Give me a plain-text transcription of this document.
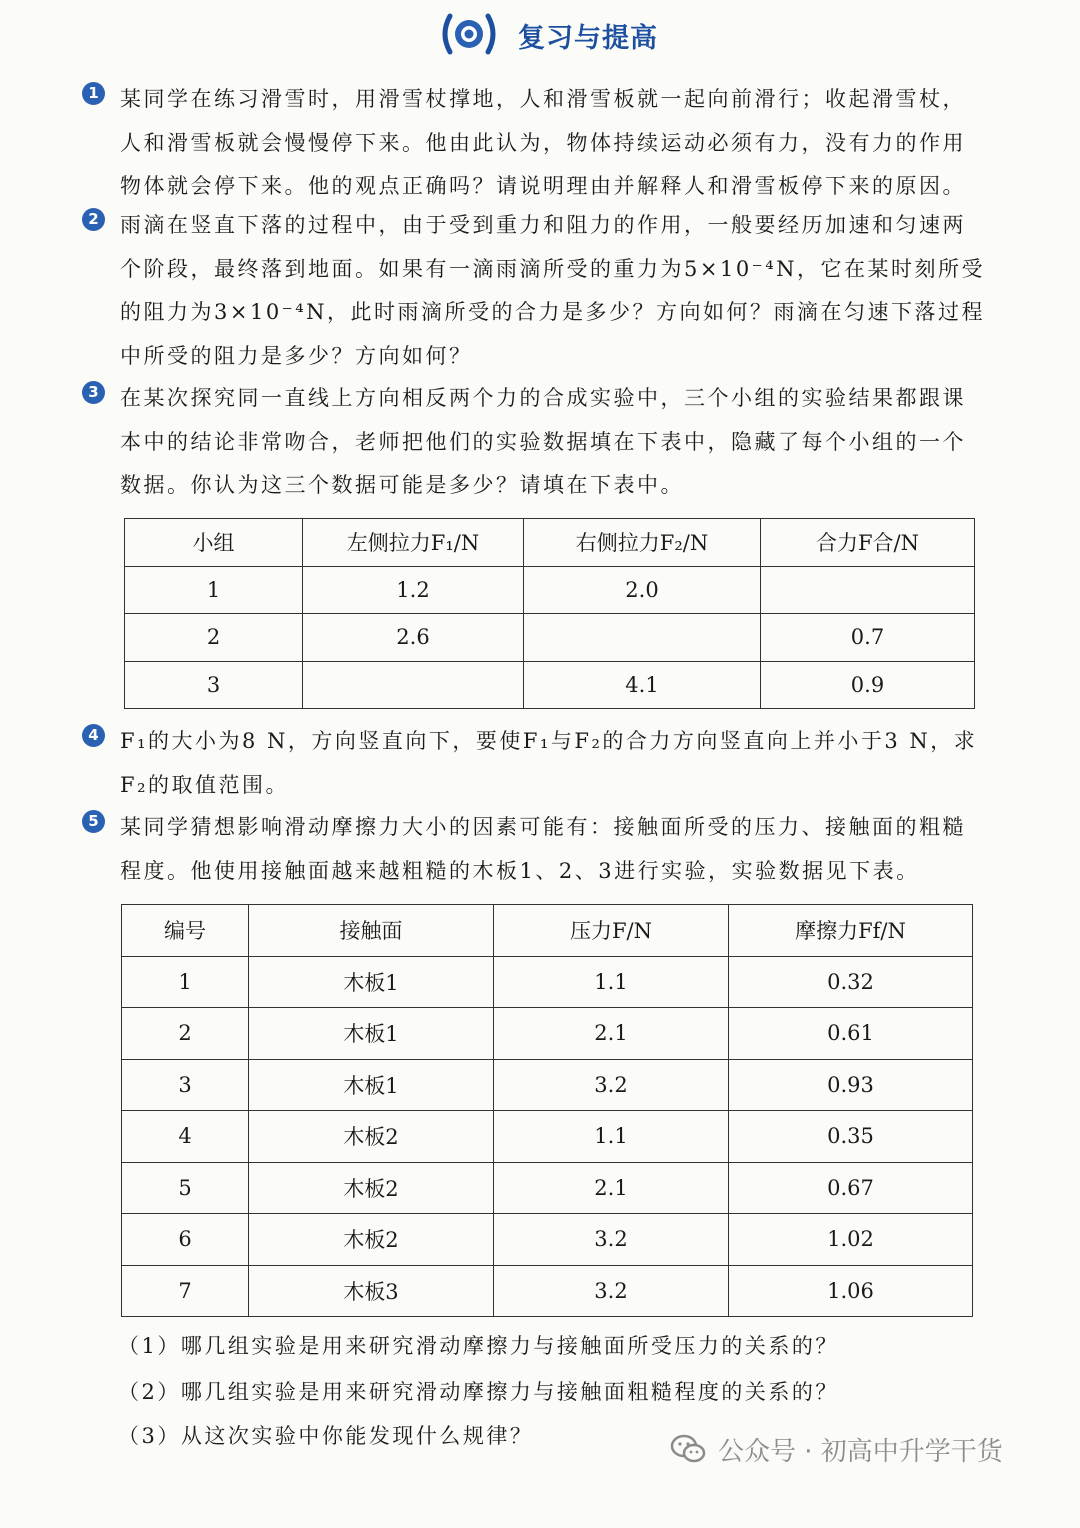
复习与提高
1 某同学在练习滑雪时，用滑雪杖撑地，人和滑雪板就一起向前滑行；收起滑雪杖，
人和滑雪板就会慢慢停下来。他由此认为，物体持续运动必须有力，没有力的作用
物体就会停下来。他的观点正确吗？请说明理由并解释人和滑雪板停下来的原因。
2 雨滴在竖直下落的过程中，由于受到重力和阻力的作用，一般要经历加速和匀速两
个阶段，最终落到地面。如果有一滴雨滴所受的重力为5×10⁻⁴N，它在某时刻所受
的阻力为3×10⁻⁴N，此时雨滴所受的合力是多少？方向如何？雨滴在匀速下落过程
中所受的阻力是多少？方向如何？
3 在某次探究同一直线上方向相反两个力的合成实验中，三个小组的实验结果都跟课
本中的结论非常吻合，老师把他们的实验数据填在下表中，隐藏了每个小组的一个
数据。你认为这三个数据可能是多少？请填在下表中。
小组	左侧拉力F₁/N	右侧拉力F₂/N	合力F合/N
1	1.2	2.0	
2	2.6		0.7
3		4.1	0.9
4 F₁的大小为8 N，方向竖直向下，要使F₁与F₂的合力方向竖直向上并小于3 N，求
F₂的取值范围。
5 某同学猜想影响滑动摩擦力大小的因素可能有：接触面所受的压力、接触面的粗糙
程度。他使用接触面越来越粗糙的木板1、2、3进行实验，实验数据见下表。
编号	接触面	压力F/N	摩擦力Ff/N
1	木板1	1.1	0.32
2	木板1	2.1	0.61
3	木板1	3.2	0.93
4	木板2	1.1	0.35
5	木板2	2.1	0.67
6	木板2	3.2	1.02
7	木板3	3.2	1.06
（1）哪几组实验是用来研究滑动摩擦力与接触面所受压力的关系的？
（2）哪几组实验是用来研究滑动摩擦力与接触面粗糙程度的关系的？
（3）从这次实验中你能发现什么规律？
公众号 · 初高中升学干货
